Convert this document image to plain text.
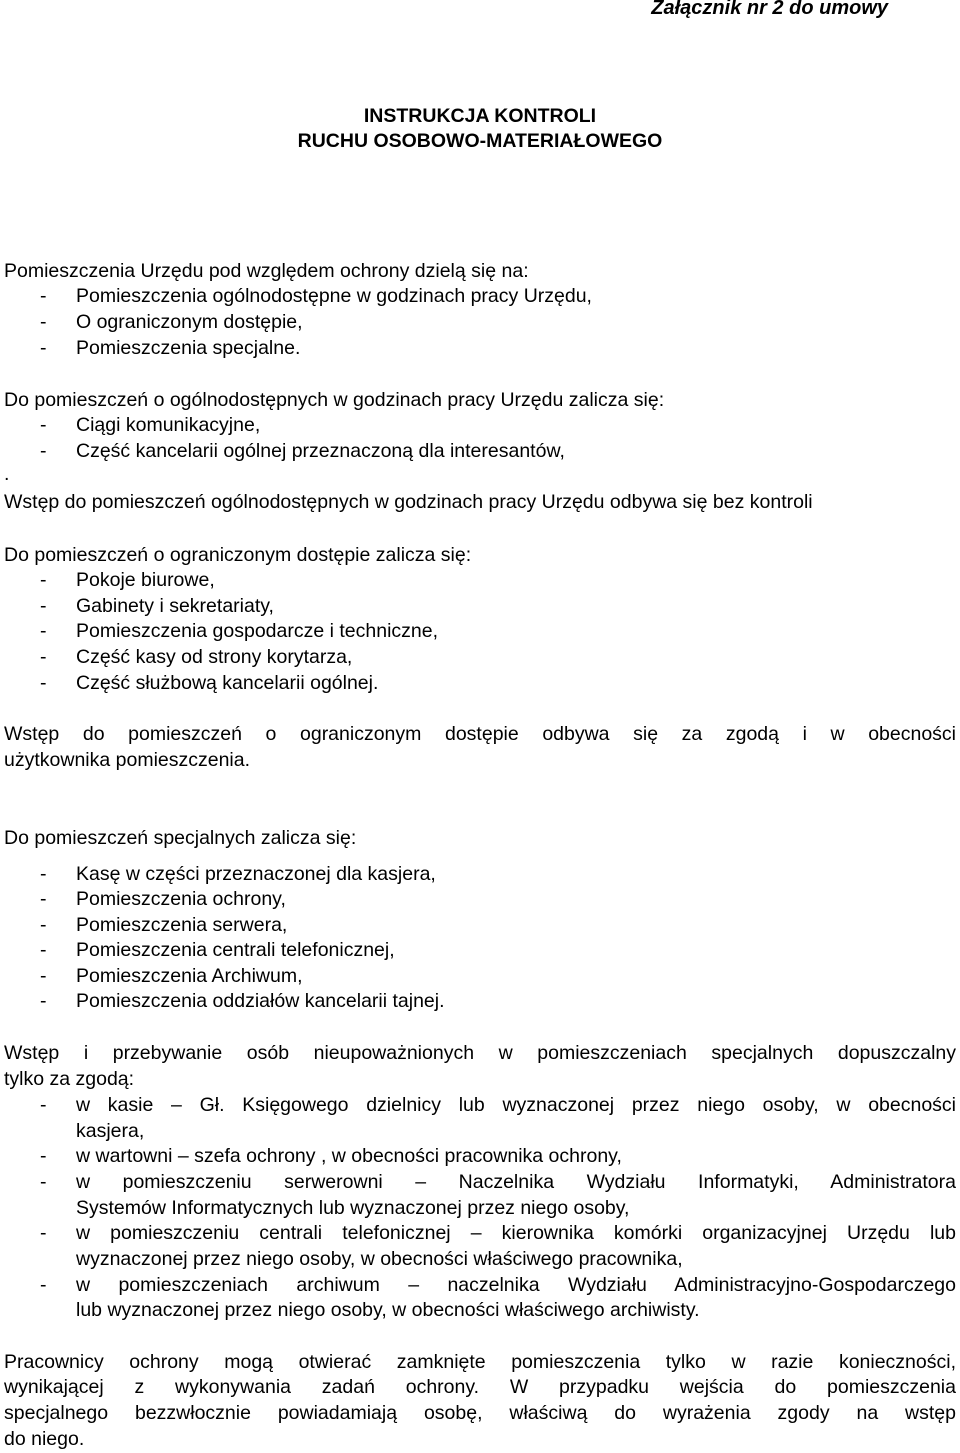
Załącznik nr 2 do umowy
INSTRUKCJA KONTROLI
RUCHU OSOBOWO-MATERIAŁOWEGO
Pomieszczenia Urzędu pod względem ochrony dzielą się na:
- Pomieszczenia ogólnodostępne w godzinach pracy Urzędu,
- O ograniczonym dostępie,
- Pomieszczenia specjalne.
Do pomieszczeń o ogólnodostępnych w godzinach pracy Urzędu zalicza się:
- Ciągi komunikacyjne,
- Część kancelarii ogólnej przeznaczoną dla interesantów,
.
Wstęp do pomieszczeń ogólnodostępnych w godzinach pracy Urzędu odbywa się bez kontroli
Do pomieszczeń o ograniczonym dostępie zalicza się:
- Pokoje biurowe,
- Gabinety i sekretariaty,
- Pomieszczenia gospodarcze i techniczne,
- Część kasy od strony korytarza,
- Część służbową kancelarii ogólnej.
Wstęp do pomieszczeń o ograniczonym dostępie odbywa się za zgodą i w obecności
użytkownika pomieszczenia.
Do pomieszczeń specjalnych zalicza się:
- Kasę w części przeznaczonej dla kasjera,
- Pomieszczenia ochrony,
- Pomieszczenia serwera,
- Pomieszczenia centrali telefonicznej,
- Pomieszczenia Archiwum,
- Pomieszczenia oddziałów kancelarii tajnej.
Wstęp i przebywanie osób nieupoważnionych w pomieszczeniach specjalnych dopuszczalny
tylko za zgodą:
- w kasie – Gł. Księgowego dzielnicy lub wyznaczonej przez niego osoby, w obecności
kasjera,
- w wartowni – szefa ochrony , w obecności pracownika ochrony,
- w pomieszczeniu serwerowni – Naczelnika Wydziału Informatyki, Administratora
Systemów Informatycznych lub wyznaczonej przez niego osoby,
- w pomieszczeniu centrali telefonicznej – kierownika komórki organizacyjnej Urzędu lub
wyznaczonej przez niego osoby, w obecności właściwego pracownika,
- w pomieszczeniach archiwum – naczelnika Wydziału Administracyjno-Gospodarczego
lub wyznaczonej przez niego osoby, w obecności właściwego archiwisty.
Pracownicy ochrony mogą otwierać zamknięte pomieszczenia tylko w razie konieczności,
wynikającej z wykonywania zadań ochrony. W przypadku wejścia do pomieszczenia
specjalnego bezzwłocznie powiadamiają osobę, właściwą do wyrażenia zgody na wstęp
do niego.
